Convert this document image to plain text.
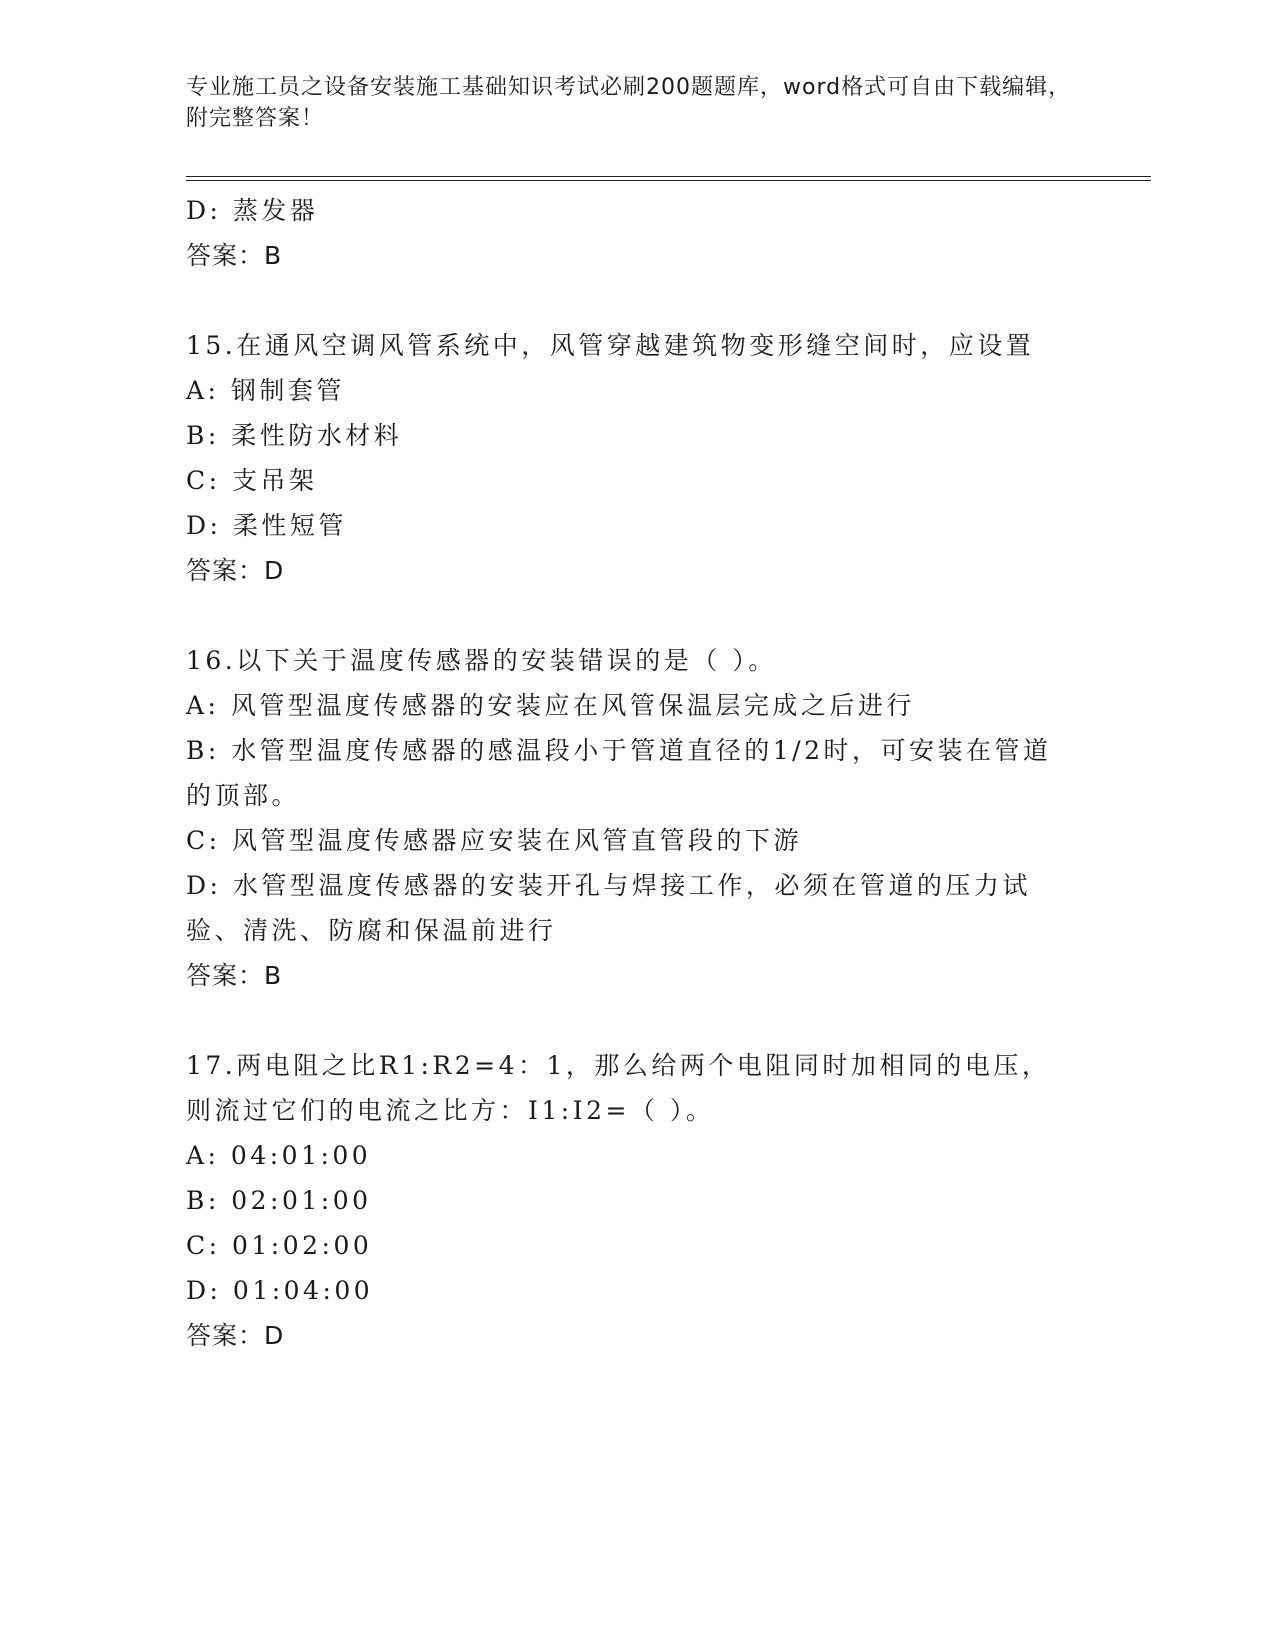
专业施工员之设备安装施工基础知识考试必刷200题题库，word格式可自由下载编辑，附完整答案！
D: 蒸发器
答案：B
15.在通风空调风管系统中，风管穿越建筑物变形缝空间时，应设置
A: 钢制套管
B: 柔性防水材料
C: 支吊架
D: 柔性短管
答案：D
16.以下关于温度传感器的安装错误的是（ ）。
A: 风管型温度传感器的安装应在风管保温层完成之后进行
B: 水管型温度传感器的感温段小于管道直径的1/2时，可安装在管道的顶部。
C: 风管型温度传感器应安装在风管直管段的下游
D: 水管型温度传感器的安装开孔与焊接工作，必须在管道的压力试验、清洗、防腐和保温前进行
答案：B
17.两电阻之比R1:R2=4：1，那么给两个电阻同时加相同的电压，则流过它们的电流之比方：I1:I2=（ ）。
A: 04:01:00
B: 02:01:00
C: 01:02:00
D: 01:04:00
答案：D
